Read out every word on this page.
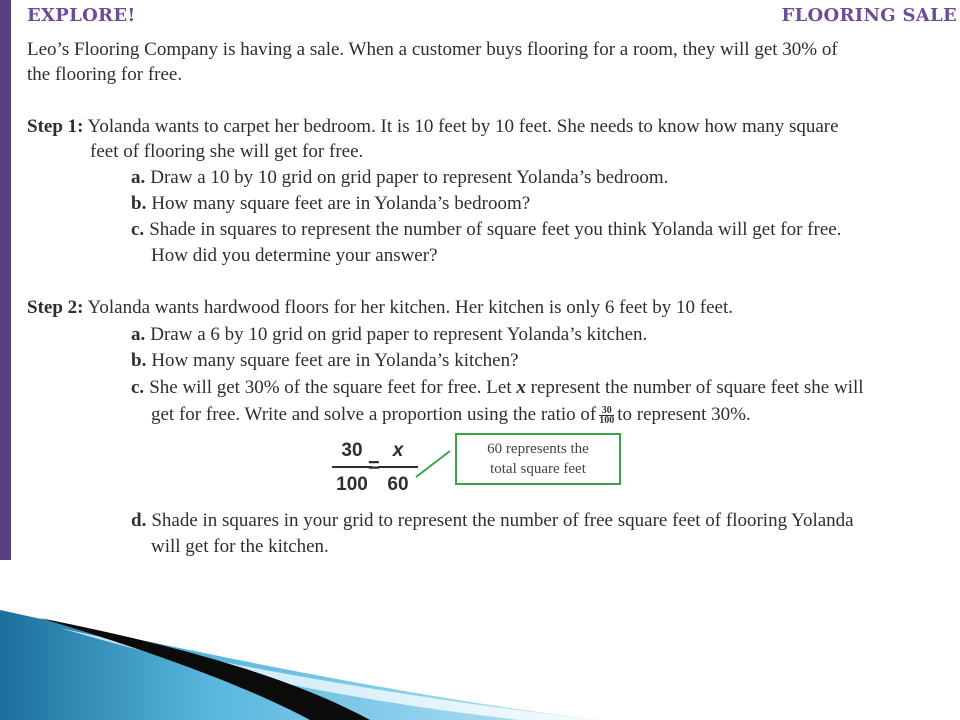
EXPLORE!	FLOORING SALE
Leo’s Flooring Company is having a sale. When a customer buys flooring for a room, they will get 30% of
the flooring for free.
Step 1: Yolanda wants to carpet her bedroom. It is 10 feet by 10 feet. She needs to know how many square
feet of flooring she will get for free.
a. Draw a 10 by 10 grid on grid paper to represent Yolanda’s bedroom.
b. How many square feet are in Yolanda’s bedroom?
c. Shade in squares to represent the number of square feet you think Yolanda will get for free.
How did you determine your answer?
Step 2: Yolanda wants hardwood floors for her kitchen. Her kitchen is only 6 feet by 10 feet.
a. Draw a 6 by 10 grid on grid paper to represent Yolanda’s kitchen.
b. How many square feet are in Yolanda’s kitchen?
c. She will get 30% of the square feet for free. Let x represent the number of square feet she will
get for free. Write and solve a proportion using the ratio of $\frac{30}{100}$ to represent 30%.
30
100
=
x
60
60 represents the
total square feet
d. Shade in squares in your grid to represent the number of free square feet of flooring Yolanda
will get for the kitchen.
